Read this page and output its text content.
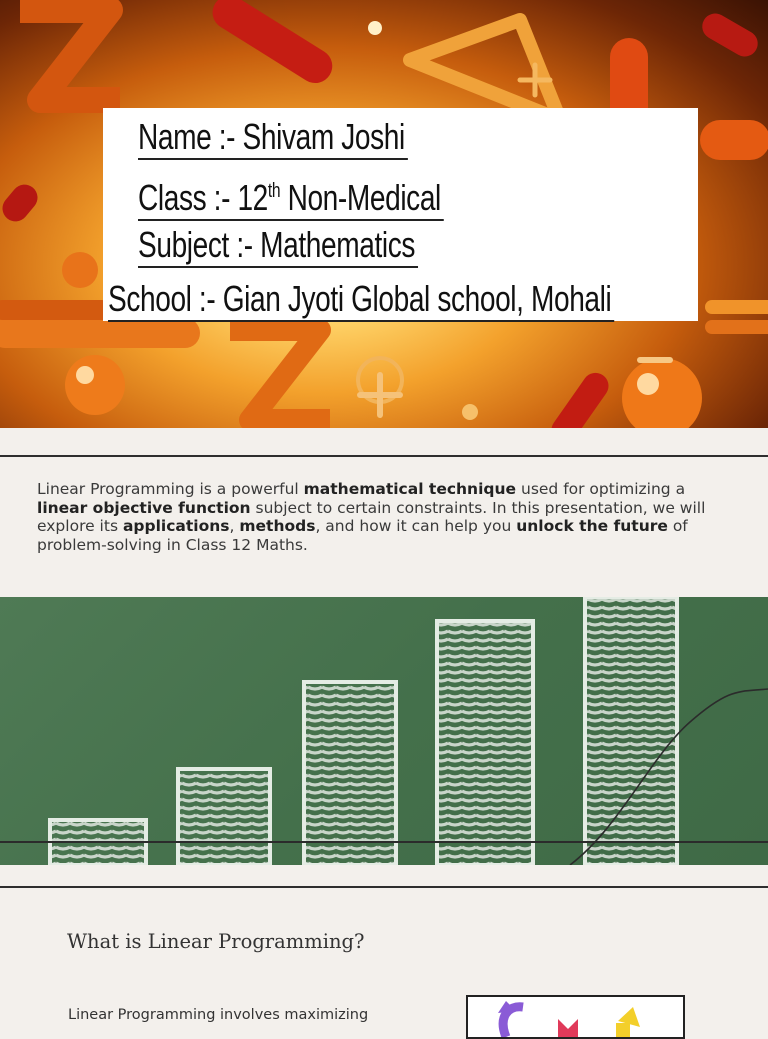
Name :- Shivam Joshi
Class :- 12th Non-Medical
Subject :- Mathematics
School :- Gian Jyoti Global school, Mohali

Linear Programming is a powerful mathematical technique used for optimizing a linear objective function subject to certain constraints. In this presentation, we will explore its applications, methods, and how it can help you unlock the future of problem-solving in Class 12 Maths.

What is Linear Programming?

Linear Programming involves maximizing
